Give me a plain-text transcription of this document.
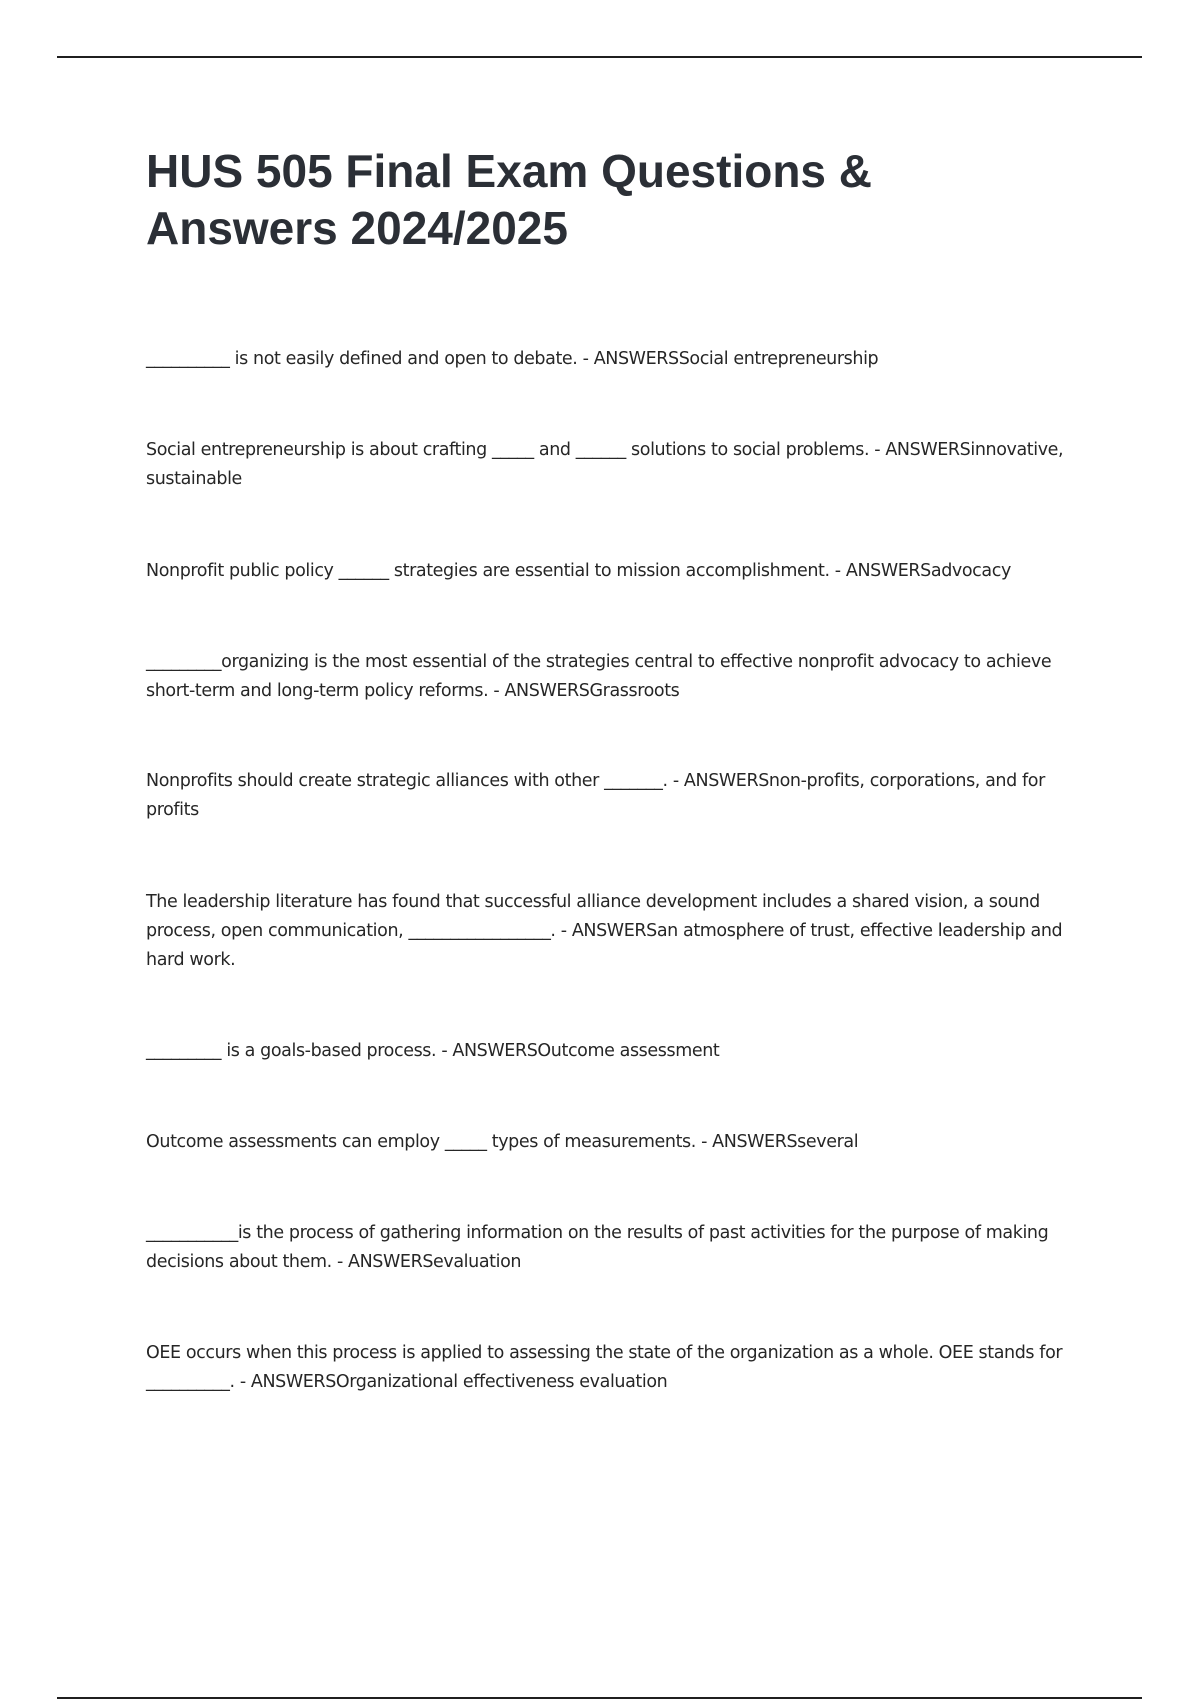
HUS 505 Final Exam Questions & Answers 2024/2025

__________ is not easily defined and open to debate. - ANSWERSSocial entrepreneurship

Social entrepreneurship is about crafting _____ and ______ solutions to social problems. - ANSWERSinnovative, sustainable

Nonprofit public policy ______ strategies are essential to mission accomplishment. - ANSWERSadvocacy

_________organizing is the most essential of the strategies central to effective nonprofit advocacy to achieve short-term and long-term policy reforms. - ANSWERSGrassroots

Nonprofits should create strategic alliances with other _______. - ANSWERSnon-profits, corporations, and for profits

The leadership literature has found that successful alliance development includes a shared vision, a sound process, open communication, _________________. - ANSWERSan atmosphere of trust, effective leadership and hard work.

_________ is a goals-based process. - ANSWERSOutcome assessment

Outcome assessments can employ _____ types of measurements. - ANSWERSseveral

___________is the process of gathering information on the results of past activities for the purpose of making decisions about them. - ANSWERSevaluation

OEE occurs when this process is applied to assessing the state of the organization as a whole. OEE stands for __________. - ANSWERSOrganizational effectiveness evaluation
